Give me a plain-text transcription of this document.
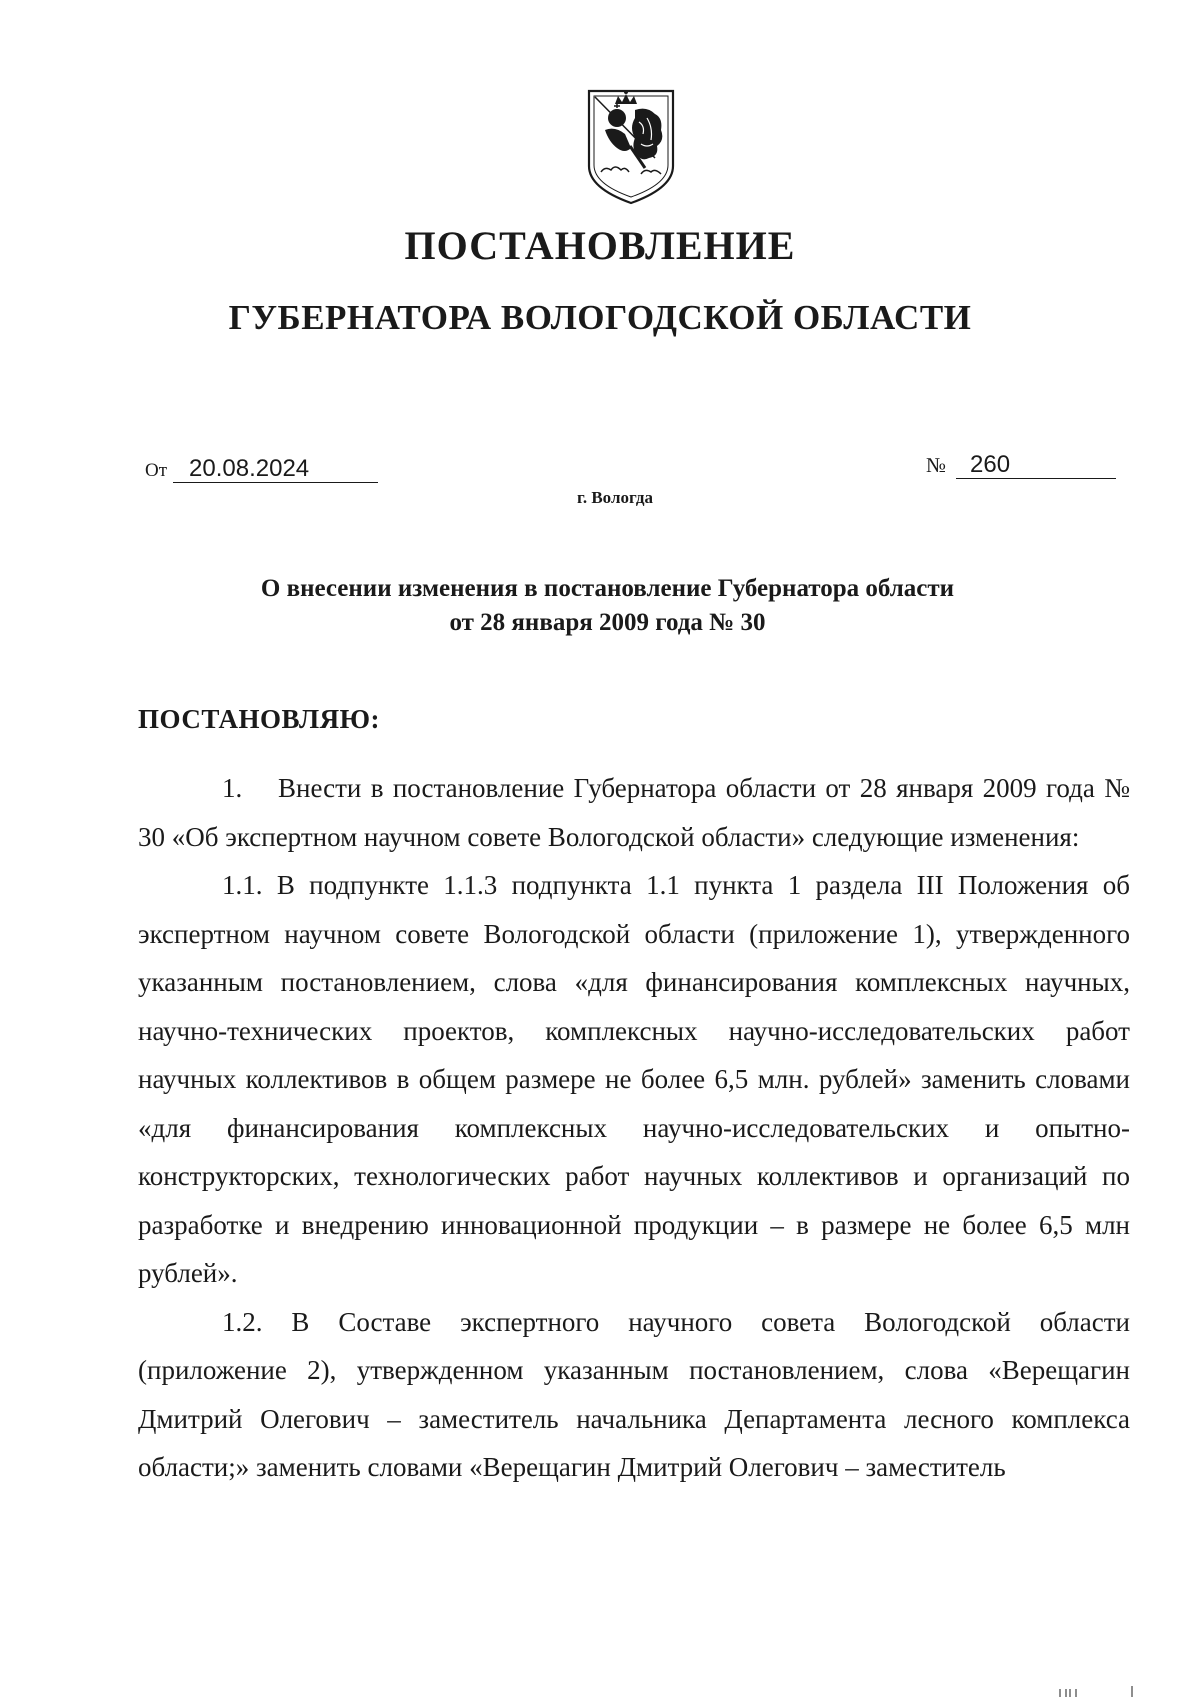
ПОСТАНОВЛЕНИЕ
ГУБЕРНАТОРА ВОЛОГОДСКОЙ ОБЛАСТИ
От 20.08.2024	№ 260
г. Вологда
О внесении изменения в постановление Губернатора области
от 28 января 2009 года № 30
ПОСТАНОВЛЯЮ:

1. Внести в постановление Губернатора области от 28 января 2009 года № 30 «Об экспертном научном совете Вологодской области» следующие изменения:

1.1. В подпункте 1.1.3 подпункта 1.1 пункта 1 раздела III Положения об экспертном научном совете Вологодской области (приложение 1), утвержденного указанным постановлением, слова «для финансирования комплексных научных, научно-технических проектов, комплексных научно-исследовательских работ научных коллективов в общем размере не более 6,5 млн. рублей» заменить словами «для финансирования комплексных научно-исследовательских и опытно-конструкторских, технологических работ научных коллективов и организаций по разработке и внедрению инновационной продукции – в размере не более 6,5 млн рублей».

1.2. В Составе экспертного научного совета Вологодской области (приложение 2), утвержденном указанным постановлением, слова «Верещагин Дмитрий Олегович – заместитель начальника Департамента лесного комплекса области;» заменить словами «Верещагин Дмитрий Олегович – заместитель
